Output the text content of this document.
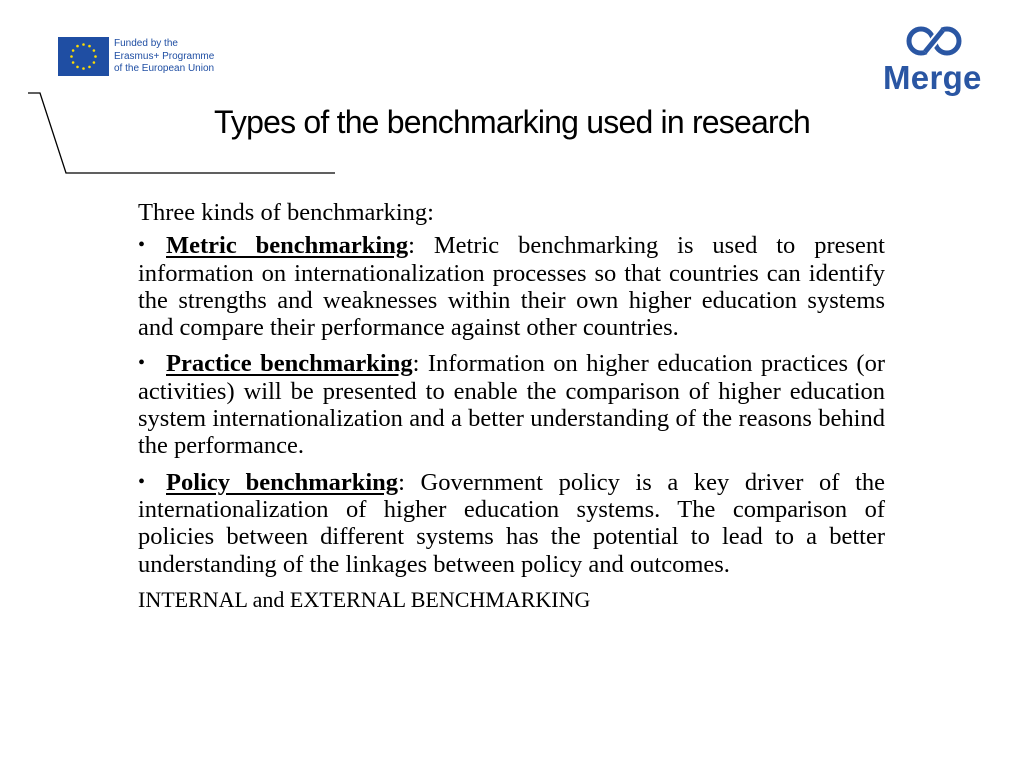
Funded by the
Erasmus+ Programme
of the European Union	Merge
Types of the benchmarking used in research
Three kinds of benchmarking:
• Metric benchmarking: Metric benchmarking is used to present information on internationalization processes so that countries can identify the strengths and weaknesses within their own higher education systems and compare their performance against other countries.
• Practice benchmarking: Information on higher education practices (or activities) will be presented to enable the comparison of higher education system internationalization and a better understanding of the reasons behind the performance.
• Policy benchmarking: Government policy is a key driver of the internationalization of higher education systems. The comparison of policies between different systems has the potential to lead to a better understanding of the linkages between policy and outcomes.
INTERNAL and EXTERNAL BENCHMARKING
